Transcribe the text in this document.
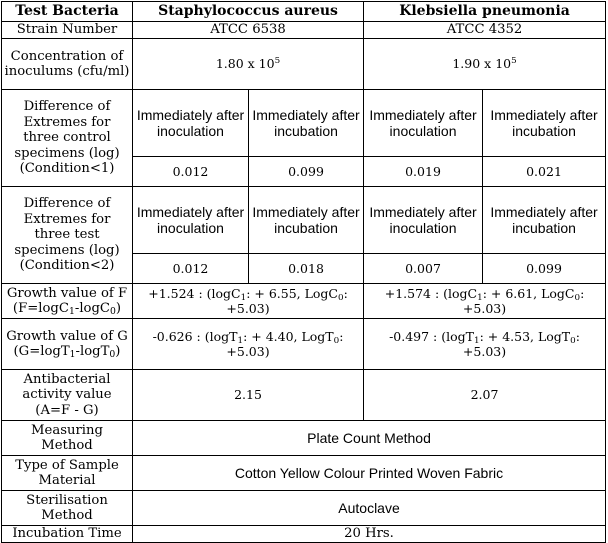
Test Bacteria	Staphylococcus aureus		Klebsiella pneumonia	
Strain Number	ATCC 6538		ATCC 4352	
Concentration of inoculums (cfu/ml)	1.80 x $10^5$		1.90 x $10^5$
Difference of Extremes for three control specimens (log) (Condition<1)	Immediately after inoculation	Immediately after incubation	Immediately after inoculation	Immediately after incubation
	0.012	0.099	0.019	0.021
Difference of Extremes for three test specimens (log) (Condition<2)	Immediately after inoculation	Immediately after incubation	Immediately after inoculation	Immediately after incubation
	0.012	0.018	0.007	0.099
Growth value of F (F=logC$_1$-logC$_0$)	+1.524 : (logC$_1$: + 6.55, LogC$_0$: +5.03)		+1.574 : (logC$_1$: + 6.61, LogC$_0$: +5.03)	
Growth value of G (G=logT$_1$-logT$_0$)	-0.626 : (logT$_1$: + 4.40, LogT$_0$: +5.03)		-0.497 : (logT$_1$: + 4.53, LogT$_0$: +5.03)	
Antibacterial activity value (A=F - G)	2.15		2.07	
Measuring Method	Plate Count Method			
Type of Sample Material	Cotton Yellow Colour Printed Woven Fabric			
Sterilisation Method	Autoclave			
Incubation Time	20 Hrs.			
